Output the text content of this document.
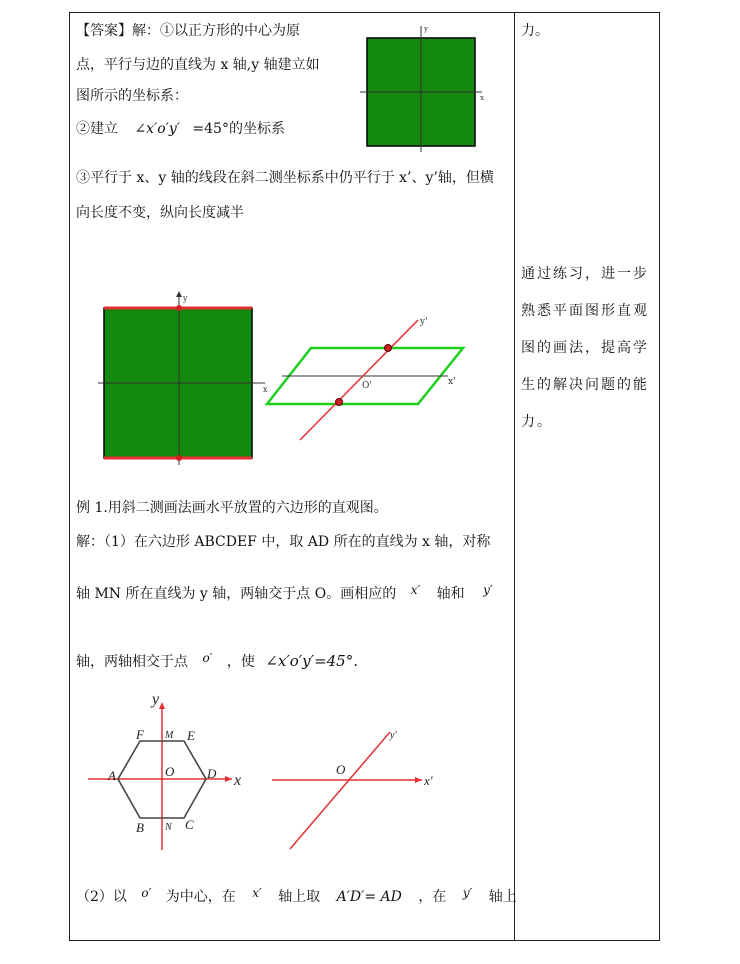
【答案】解：①以正方形的中心为原
点，平行与边的直线为 x 轴,y 轴建立如
图所示的坐标系：
②建立 ∠x′o′y′ =45°的坐标系
③平行于 x、y 轴的线段在斜二测坐标系中仍平行于 x’、y’轴，但横
向长度不变，纵向长度减半
例 1.用斜二测画法画水平放置的六边形的直观图。
解：（1）在六边形 ABCDEF 中，取 AD 所在的直线为 x 轴，对称
轴 MN 所在直线为 y 轴，两轴交于点 O。画相应的 x′ 轴和 y′
轴，两轴相交于点 o′ ，使 ∠x′o′y′=45°.
（2）以 o′ 为中心，在 x′ 轴上取 A′D′= AD ，在 y′ 轴上
力。
通过练习，进一步
熟悉平面图形直观
图的画法，提高学
生的解决问题的能
力。
y
x
y
x
y'
x'
O'
y
x
A
B	C
D
E
F M
N
O
x'
y'
O
